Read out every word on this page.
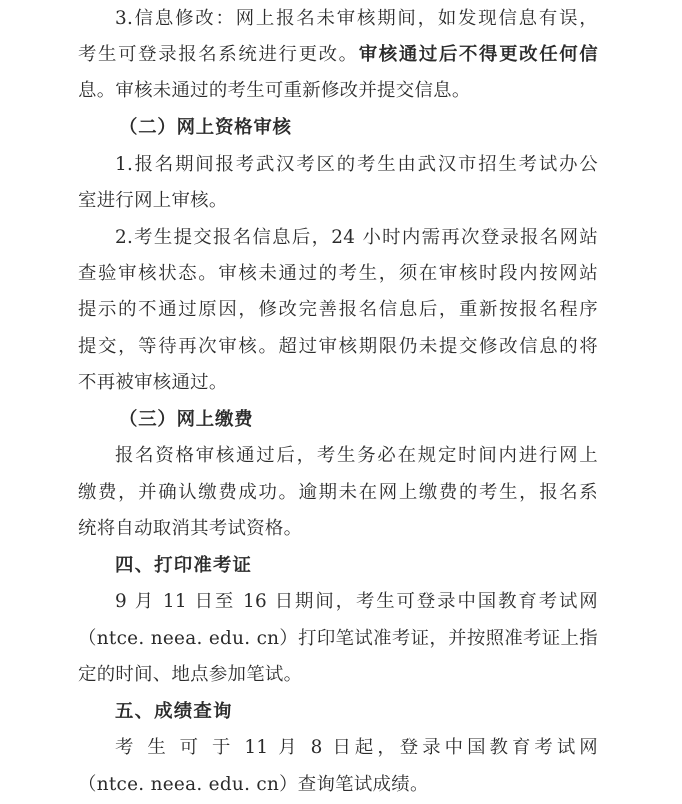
3.信息修改：网上报名未审核期间，如发现信息有误，
考生可登录报名系统进行更改。审核通过后不得更改任何信
息。审核未通过的考生可重新修改并提交信息。
（二）网上资格审核
1.报名期间报考武汉考区的考生由武汉市招生考试办公
室进行网上审核。
2.考生提交报名信息后，24 小时内需再次登录报名网站
查验审核状态。审核未通过的考生，须在审核时段内按网站
提示的不通过原因，修改完善报名信息后，重新按报名程序
提交，等待再次审核。超过审核期限仍未提交修改信息的将
不再被审核通过。
（三）网上缴费
报名资格审核通过后，考生务必在规定时间内进行网上
缴费，并确认缴费成功。逾期未在网上缴费的考生，报名系
统将自动取消其考试资格。
四、打印准考证
9 月 11 日至 16 日期间，考生可登录中国教育考试网
（ntce. neea. edu. cn）打印笔试准考证，并按照准考证上指
定的时间、地点参加笔试。
五、成绩查询
考 生 可 于 11 月 8 日起，登录中国教育考试网
（ntce. neea. edu. cn）查询笔试成绩。
